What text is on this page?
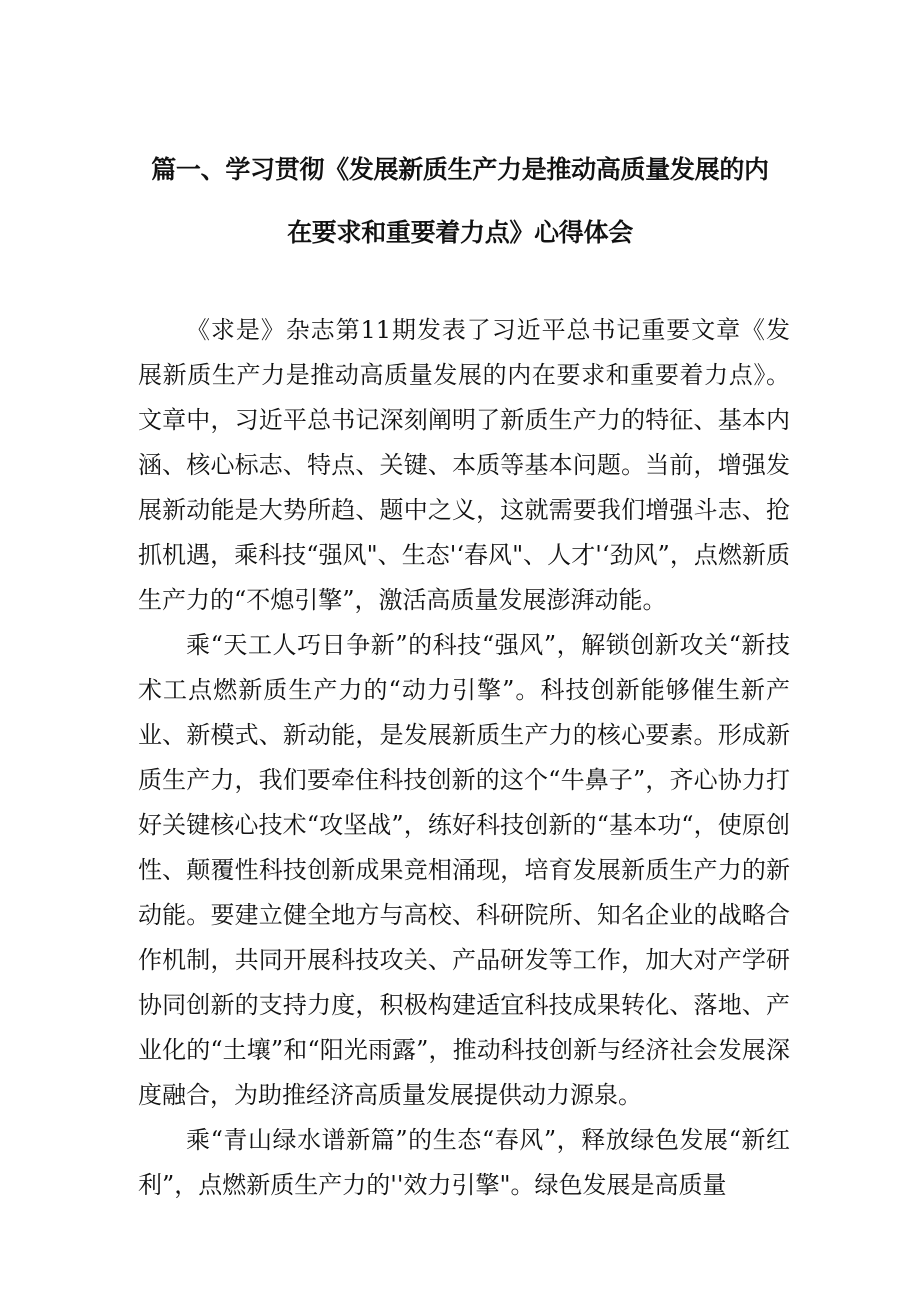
篇一、学习贯彻《发展新质生产力是推动高质量发展的内
在要求和重要着力点》心得体会

《求是》杂志第11期发表了习近平总书记重要文章《发展新质生产力是推动高质量发展的内在要求和重要着力点》。文章中，习近平总书记深刻阐明了新质生产力的特征、基本内涵、核心标志、特点、关键、本质等基本问题。当前，增强发展新动能是大势所趋、题中之义，这就需要我们增强斗志、抢抓机遇，乘科技“强风"、生态'‘春风"、人才'‘劲风”，点燃新质生产力的“不熄引擎”，激活高质量发展澎湃动能。

乘“天工人巧日争新”的科技“强风”，解锁创新攻关“新技术工点燃新质生产力的“动力引擎”。科技创新能够催生新产业、新模式、新动能，是发展新质生产力的核心要素。形成新质生产力，我们要牵住科技创新的这个“牛鼻子”，齐心协力打好关键核心技术“攻坚战”，练好科技创新的“基本功“，使原创性、颠覆性科技创新成果竞相涌现，培育发展新质生产力的新动能。要建立健全地方与高校、科研院所、知名企业的战略合作机制，共同开展科技攻关、产品研发等工作，加大对产学研协同创新的支持力度，积极构建适宜科技成果转化、落地、产业化的“土壤”和“阳光雨露”，推动科技创新与经济社会发展深度融合，为助推经济高质量发展提供动力源泉。

乘“青山绿水谱新篇”的生态“春风”，释放绿色发展“新红利”，点燃新质生产力的''效力引擎"。绿色发展是高质量
